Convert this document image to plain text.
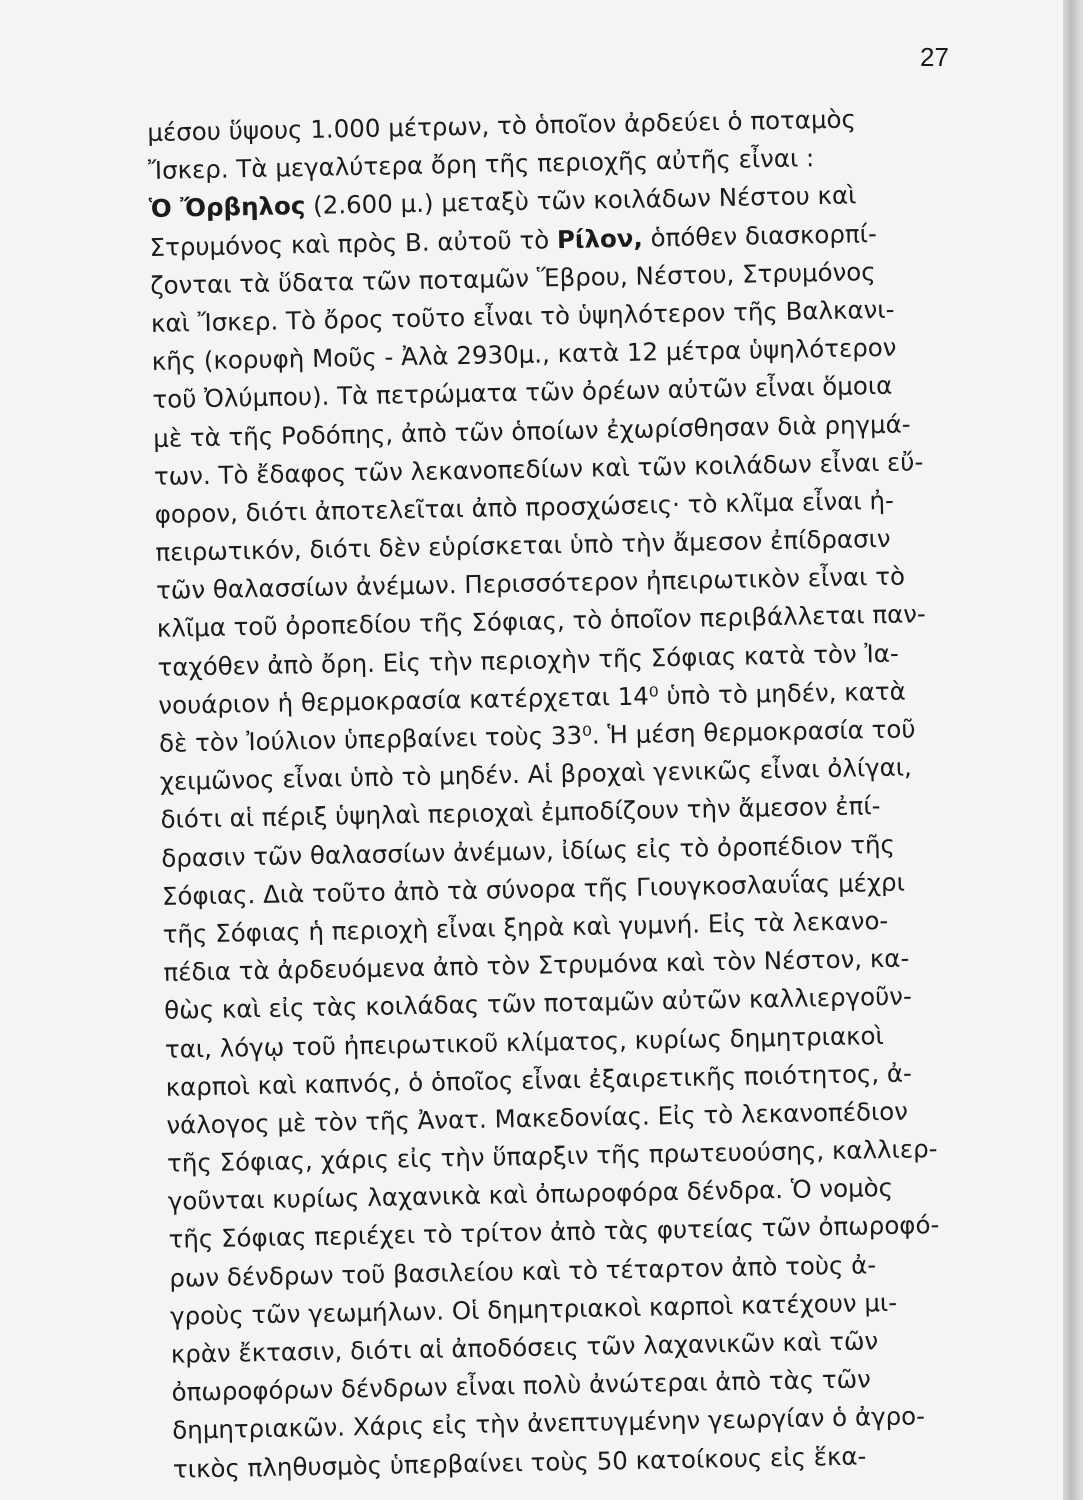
27
μέσου ὕψους 1.000 μέτρων, τὸ ὁποῖον ἀρδεύει ὁ ποταμὸς
Ἴσκερ. Τὰ μεγαλύτερα ὄρη τῆς περιοχῆς αὐτῆς εἶναι :
Ὁ Ὄρβηλος (2.600 μ.) μεταξὺ τῶν κοιλάδων Νέστου καὶ
Στρυμόνος καὶ πρὸς Β. αὐτοῦ τὸ Ρίλον, ὁπόθεν διασκορπί-
ζονται τὰ ὕδατα τῶν ποταμῶν Ἕβρου, Νέστου, Στρυμόνος
καὶ Ἴσκερ. Τὸ ὄρος τοῦτο εἶναι τὸ ὑψηλότερον τῆς Βαλκανι-
κῆς (κορυφὴ Μοῦς - Ἀλὰ 2930μ., κατὰ 12 μέτρα ὑψηλότερον
τοῦ Ὀλύμπου). Τὰ πετρώματα τῶν ὀρέων αὐτῶν εἶναι ὅμοια
μὲ τὰ τῆς Ροδόπης, ἀπὸ τῶν ὁποίων ἐχωρίσθησαν διὰ ρηγμά-
των. Τὸ ἔδαφος τῶν λεκανοπεδίων καὶ τῶν κοιλάδων εἶναι εὔ-
φορον, διότι ἀποτελεῖται ἀπὸ προσχώσεις· τὸ κλῖμα εἶναι ἠ-
πειρωτικόν, διότι δὲν εὑρίσκεται ὑπὸ τὴν ἄμεσον ἐπίδρασιν
τῶν θαλασσίων ἀνέμων. Περισσότερον ἠπειρωτικὸν εἶναι τὸ
κλῖμα τοῦ ὀροπεδίου τῆς Σόφιας, τὸ ὁποῖον περιβάλλεται παν-
ταχόθεν ἀπὸ ὄρη. Εἰς τὴν περιοχὴν τῆς Σόφιας κατὰ τὸν Ἰα-
νουάριον ἡ θερμοκρασία κατέρχεται 14⁰ ὑπὸ τὸ μηδέν, κατὰ
δὲ τὸν Ἰούλιον ὑπερβαίνει τοὺς 33⁰. Ἡ μέση θερμοκρασία τοῦ
χειμῶνος εἶναι ὑπὸ τὸ μηδέν. Αἱ βροχαὶ γενικῶς εἶναι ὀλίγαι,
διότι αἱ πέριξ ὑψηλαὶ περιοχαὶ ἐμποδίζουν τὴν ἄμεσον ἐπί-
δρασιν τῶν θαλασσίων ἀνέμων, ἰδίως εἰς τὸ ὀροπέδιον τῆς
Σόφιας. Διὰ τοῦτο ἀπὸ τὰ σύνορα τῆς Γιουγκοσλαυΐας μέχρι
τῆς Σόφιας ἡ περιοχὴ εἶναι ξηρὰ καὶ γυμνή. Εἰς τὰ λεκανο-
πέδια τὰ ἀρδευόμενα ἀπὸ τὸν Στρυμόνα καὶ τὸν Νέστον, κα-
θὼς καὶ εἰς τὰς κοιλάδας τῶν ποταμῶν αὐτῶν καλλιεργοῦν-
ται, λόγῳ τοῦ ἠπειρωτικοῦ κλίματος, κυρίως δημητριακοὶ
καρποὶ καὶ καπνός, ὁ ὁποῖος εἶναι ἐξαιρετικῆς ποιότητος, ἀ-
νάλογος μὲ τὸν τῆς Ἀνατ. Μακεδονίας. Εἰς τὸ λεκανοπέδιον
τῆς Σόφιας, χάρις εἰς τὴν ὕπαρξιν τῆς πρωτευούσης, καλλιερ-
γοῦνται κυρίως λαχανικὰ καὶ ὀπωροφόρα δένδρα. Ὁ νομὸς
τῆς Σόφιας περιέχει τὸ τρίτον ἀπὸ τὰς φυτείας τῶν ὀπωροφό-
ρων δένδρων τοῦ βασιλείου καὶ τὸ τέταρτον ἀπὸ τοὺς ἀ-
γροὺς τῶν γεωμήλων. Οἱ δημητριακοὶ καρποὶ κατέχουν μι-
κρὰν ἔκτασιν, διότι αἱ ἀποδόσεις τῶν λαχανικῶν καὶ τῶν
ὀπωροφόρων δένδρων εἶναι πολὺ ἀνώτεραι ἀπὸ τὰς τῶν
δημητριακῶν. Χάρις εἰς τὴν ἀνεπτυγμένην γεωργίαν ὁ ἀγρο-
τικὸς πληθυσμὸς ὑπερβαίνει τοὺς 50 κατοίκους εἰς ἕκα-
